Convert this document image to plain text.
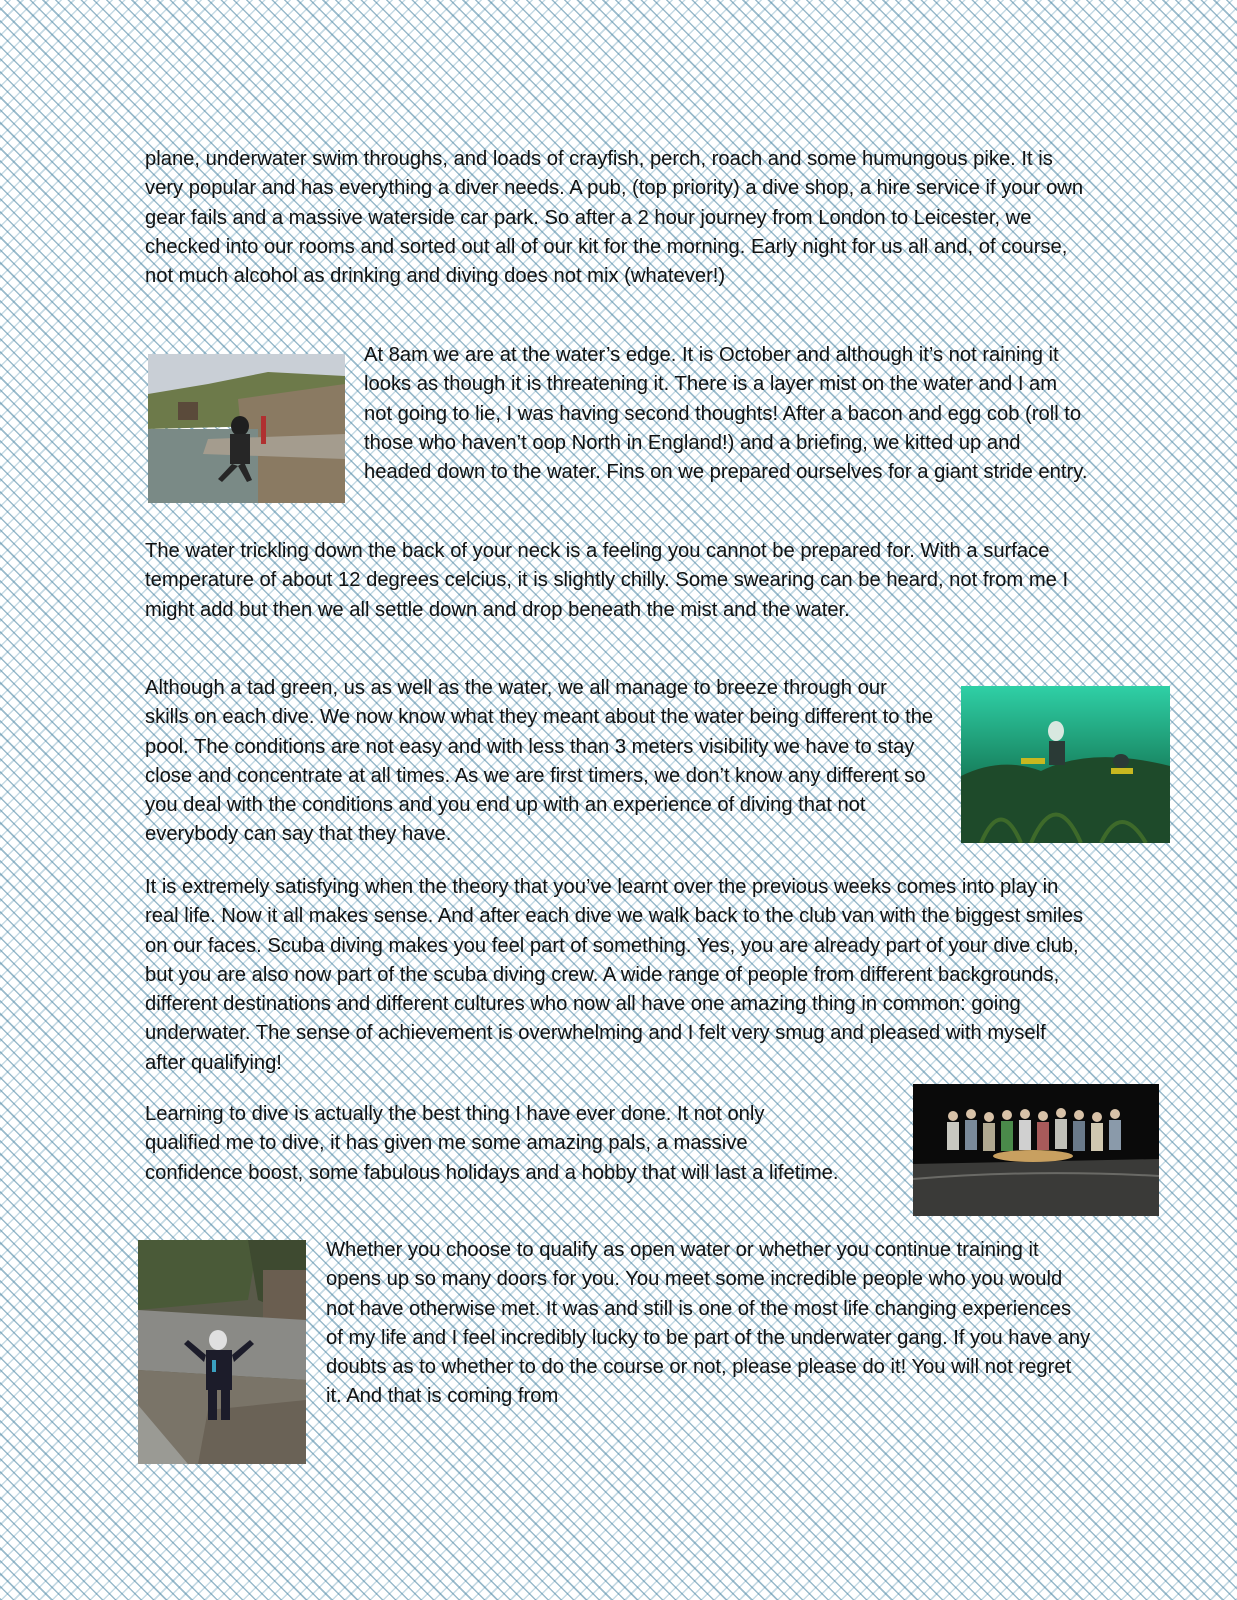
plane, underwater swim throughs, and loads of crayfish, perch, roach and some humungous pike. It is very popular and has everything a diver needs. A pub, (top priority) a dive shop, a hire service if your own gear fails and a massive waterside car park. So after a 2 hour journey from London to Leicester, we checked into our rooms and sorted out all of our kit for the morning. Early night for us all and, of course, not much alcohol as drinking and diving does not mix (whatever!)

At 8am we are at the water’s edge. It is October and although it’s not raining it looks as though it is threatening it. There is a layer mist on the water and I am not going to lie, I was having second thoughts! After a bacon and egg cob (roll to those who haven’t oop North in England!) and a briefing, we kitted up and headed down to the water. Fins on we prepared ourselves for a giant stride entry.

The water trickling down the back of your neck is a feeling you cannot be prepared for. With a surface temperature of about 12 degrees celcius, it is slightly chilly. Some swearing can be heard, not from me I might add but then we all settle down and drop beneath the mist and the water.

Although a tad green, us as well as the water, we all manage to breeze through our skills on each dive. We now know what they meant about the water being different to the pool. The conditions are not easy and with less than 3 meters visibility we have to stay close and concentrate at all times. As we are first timers, we don’t know any different so you deal with the conditions and you end up with an experience of diving that not everybody can say that they have.

It is extremely satisfying when the theory that you’ve learnt over the previous weeks comes into play in real life. Now it all makes sense. And after each dive we walk back to the club van with the biggest smiles on our faces. Scuba diving makes you feel part of something. Yes, you are already part of your dive club, but you are also now part of the scuba diving crew. A wide range of people from different backgrounds, different destinations and different cultures who now all have one amazing thing in common: going underwater. The sense of achievement is overwhelming and I felt very smug and pleased with myself after qualifying!

Learning to dive is actually the best thing I have ever done. It not only qualified me to dive, it has given me some amazing pals, a massive confidence boost, some fabulous holidays and a hobby that will last a lifetime.

Whether you choose to qualify as open water or whether you continue training it opens up so many doors for you. You meet some incredible people who you would not have otherwise met. It was and still is one of the most life changing experiences of my life and I feel incredibly lucky to be part of the underwater gang. If you have any doubts as to whether to do the course or not, please please do it! You will not regret it. And that is coming from
